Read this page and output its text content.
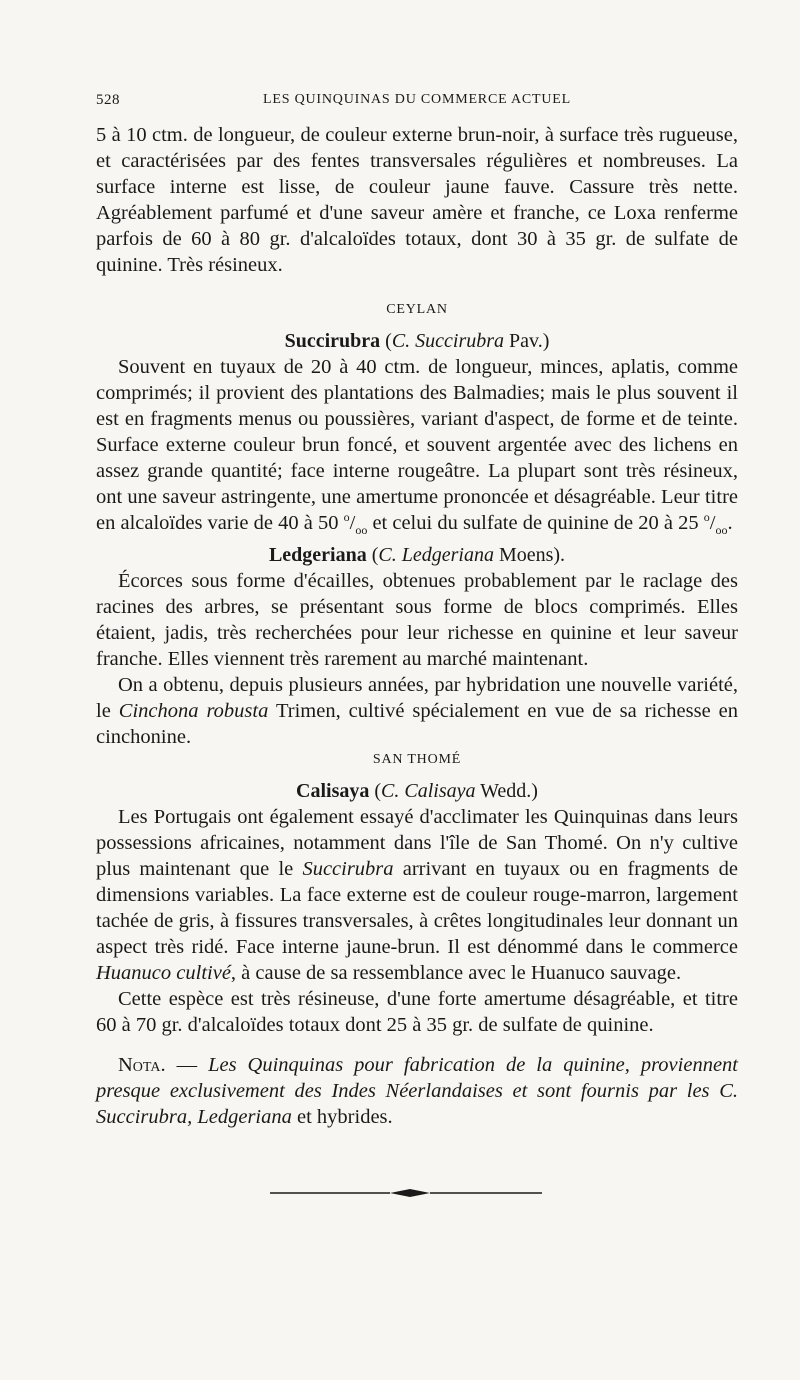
528	LES QUINQUINAS DU COMMERCE ACTUEL

5 à 10 ctm. de longueur, de couleur externe brun-noir, à surface très rugueuse, et caractérisées par des fentes transversales régulières et nombreuses. La surface interne est lisse, de couleur jaune fauve. Cassure très nette. Agréablement parfumé et d'une saveur amère et franche, ce Loxa renferme parfois de 60 à 80 gr. d'alcaloïdes totaux, dont 30 à 35 gr. de sulfate de quinine. Très résineux.

CEYLAN
Succirubra (C. Succirubra Pav.)

Souvent en tuyaux de 20 à 40 ctm. de longueur, minces, aplatis, comme comprimés; il provient des plantations des Balmadies; mais le plus souvent il est en fragments menus ou poussières, variant d'aspect, de forme et de teinte. Surface externe couleur brun foncé, et souvent argentée avec des lichens en assez grande quantité; face interne rougeâtre. La plupart sont très résineux, ont une saveur astringente, une amertume prononcée et désagréable. Leur titre en alcaloïdes varie de 40 à 50 $^o/_{oo}$ et celui du sulfate de quinine de 20 à 25 $^o/_{oo}$.

Ledgeriana (C. Ledgeriana Moens).

Écorces sous forme d'écailles, obtenues probablement par le raclage des racines des arbres, se présentant sous forme de blocs comprimés. Elles étaient, jadis, très recherchées pour leur richesse en quinine et leur saveur franche. Elles viennent très rarement au marché maintenant.

On a obtenu, depuis plusieurs années, par hybridation une nouvelle variété, le Cinchona robusta Trimen, cultivé spécialement en vue de sa richesse en cinchonine.

SAN THOMÉ
Calisaya (C. Calisaya Wedd.)

Les Portugais ont également essayé d'acclimater les Quinquinas dans leurs possessions africaines, notamment dans l'île de San Thomé. On n'y cultive plus maintenant que le Succirubra arrivant en tuyaux ou en fragments de dimensions variables. La face externe est de couleur rouge-marron, largement tachée de gris, à fissures transversales, à crêtes longitudinales leur donnant un aspect très ridé. Face interne jaune-brun. Il est dénommé dans le commerce Huanuco cultivé, à cause de sa ressemblance avec le Huanuco sauvage.

Cette espèce est très résineuse, d'une forte amertume désagréable, et titre 60 à 70 gr. d'alcaloïdes totaux dont 25 à 35 gr. de sulfate de quinine.

Nota. — Les Quinquinas pour fabrication de la quinine, proviennent presque exclusivement des Indes Néerlandaises et sont fournis par les C. Succirubra, Ledgeriana et hybrides.
